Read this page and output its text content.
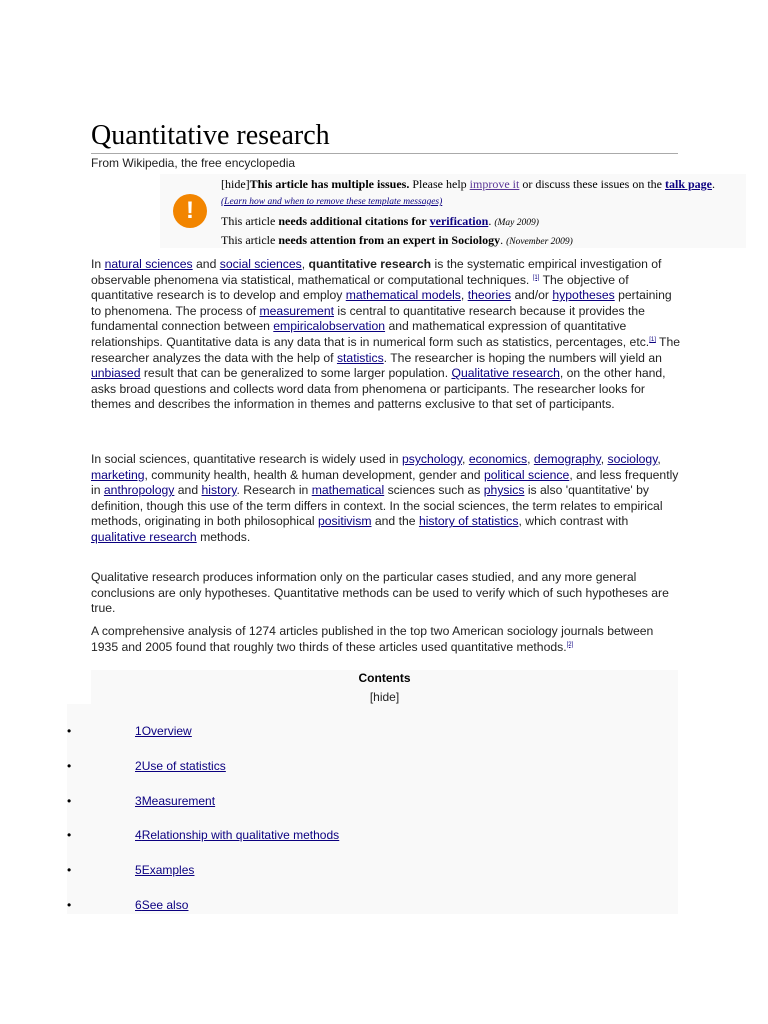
Quantitative research
From Wikipedia, the free encyclopedia
!
[hide]This article has multiple issues. Please help improve it or discuss these issues on the talk page. (Learn how and when to remove these template messages)
This article needs additional citations for verification. (May 2009)
This article needs attention from an expert in Sociology. (November 2009)

In natural sciences and social sciences, quantitative research is the systematic empirical investigation of observable phenomena via statistical, mathematical or computational techniques. [1] The objective of quantitative research is to develop and employ mathematical models, theories and/or hypotheses pertaining to phenomena. The process of measurement is central to quantitative research because it provides the fundamental connection between empiricalobservation and mathematical expression of quantitative relationships. Quantitative data is any data that is in numerical form such as statistics, percentages, etc.[1] The researcher analyzes the data with the help of statistics. The researcher is hoping the numbers will yield an unbiased result that can be generalized to some larger population. Qualitative research, on the other hand, asks broad questions and collects word data from phenomena or participants. The researcher looks for themes and describes the information in themes and patterns exclusive to that set of participants.

In social sciences, quantitative research is widely used in psychology, economics, demography, sociology, marketing, community health, health & human development, gender and political science, and less frequently in anthropology and history. Research in mathematical sciences such as physics is also 'quantitative' by definition, though this use of the term differs in context. In the social sciences, the term relates to empirical methods, originating in both philosophical positivism and the history of statistics, which contrast with qualitative research methods.

Qualitative research produces information only on the particular cases studied, and any more general conclusions are only hypotheses. Quantitative methods can be used to verify which of such hypotheses are true.

A comprehensive analysis of 1274 articles published in the top two American sociology journals between 1935 and 2005 found that roughly two thirds of these articles used quantitative methods.[2]

Contents
[hide]
•	1Overview
•	2Use of statistics
•	3Measurement
•	4Relationship with qualitative methods
•	5Examples
•	6See also
